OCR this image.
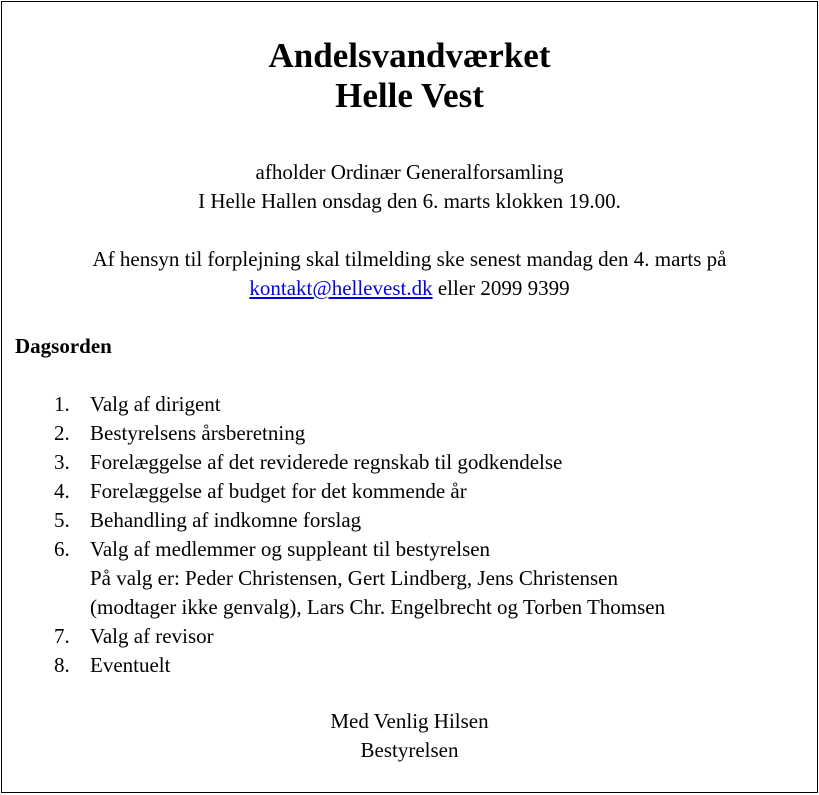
Andelsvandværket
Helle Vest
afholder Ordinær Generalforsamling
I Helle Hallen onsdag den 6. marts klokken 19.00.
Af hensyn til forplejning skal tilmelding ske senest mandag den 4. marts på
kontakt@hellevest.dk eller 2099 9399
Dagsorden
1. Valg af dirigent
2. Bestyrelsens årsberetning
3. Forelæggelse af det reviderede regnskab til godkendelse
4. Forelæggelse af budget for det kommende år
5. Behandling af indkomne forslag
6. Valg af medlemmer og suppleant til bestyrelsen
På valg er: Peder Christensen, Gert Lindberg, Jens Christensen
(modtager ikke genvalg), Lars Chr. Engelbrecht og Torben Thomsen
7. Valg af revisor
8. Eventuelt
Med Venlig Hilsen
Bestyrelsen
